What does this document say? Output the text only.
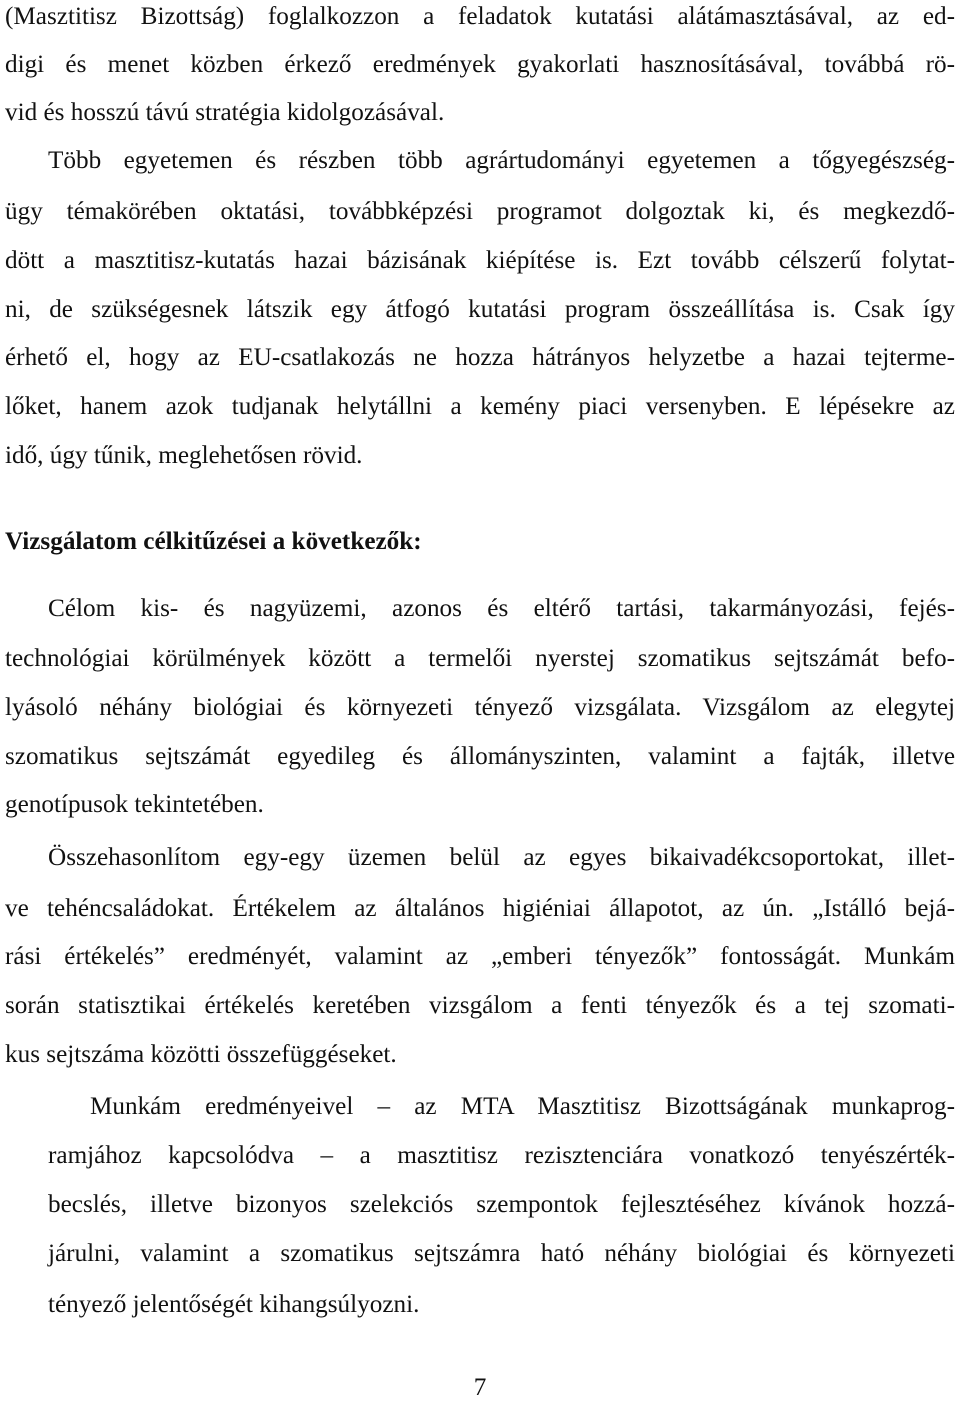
(Masztitisz Bizottság) foglalkozzon a feladatok kutatási alátámasztásával, az ed-
digi és menet közben érkező eredmények gyakorlati hasznosításával, továbbá rö-
vid és hosszú távú stratégia kidolgozásával.
Több egyetemen és részben több agrártudományi egyetemen a tőgyegészség-
ügy témakörében oktatási, továbbképzési programot dolgoztak ki, és megkezdő-
dött a masztitisz-kutatás hazai bázisának kiépítése is. Ezt tovább célszerű folytat-
ni, de szükségesnek látszik egy átfogó kutatási program összeállítása is. Csak így
érhető el, hogy az EU-csatlakozás ne hozza hátrányos helyzetbe a hazai tejterme-
lőket, hanem azok tudjanak helytállni a kemény piaci versenyben. E lépésekre az
idő, úgy tűnik, meglehetősen rövid.
Vizsgálatom célkitűzései a következők:
Célom kis- és nagyüzemi, azonos és eltérő tartási, takarmányozási, fejés-
technológiai körülmények között a termelői nyerstej szomatikus sejtszámát befo-
lyásoló néhány biológiai és környezeti tényező vizsgálata. Vizsgálom az elegytej
szomatikus sejtszámát egyedileg és állományszinten, valamint a fajták, illetve
genotípusok tekintetében.
Összehasonlítom egy-egy üzemen belül az egyes bikaivadékcsoportokat, illet-
ve tehéncsaládokat. Értékelem az általános higiéniai állapotot, az ún. „Istálló bejá-
rási értékelés” eredményét, valamint az „emberi tényezők” fontosságát. Munkám
során statisztikai értékelés keretében vizsgálom a fenti tényezők és a tej szomati-
kus sejtszáma közötti összefüggéseket.
Munkám eredményeivel – az MTA Masztitisz Bizottságának munkaprog-
ramjához kapcsolódva – a masztitisz rezisztenciára vonatkozó tenyészérték-
becslés, illetve bizonyos szelekciós szempontok fejlesztéséhez kívánok hozzá-
járulni, valamint a szomatikus sejtszámra ható néhány biológiai és környezeti
tényező jelentőségét kihangsúlyozni.
7
